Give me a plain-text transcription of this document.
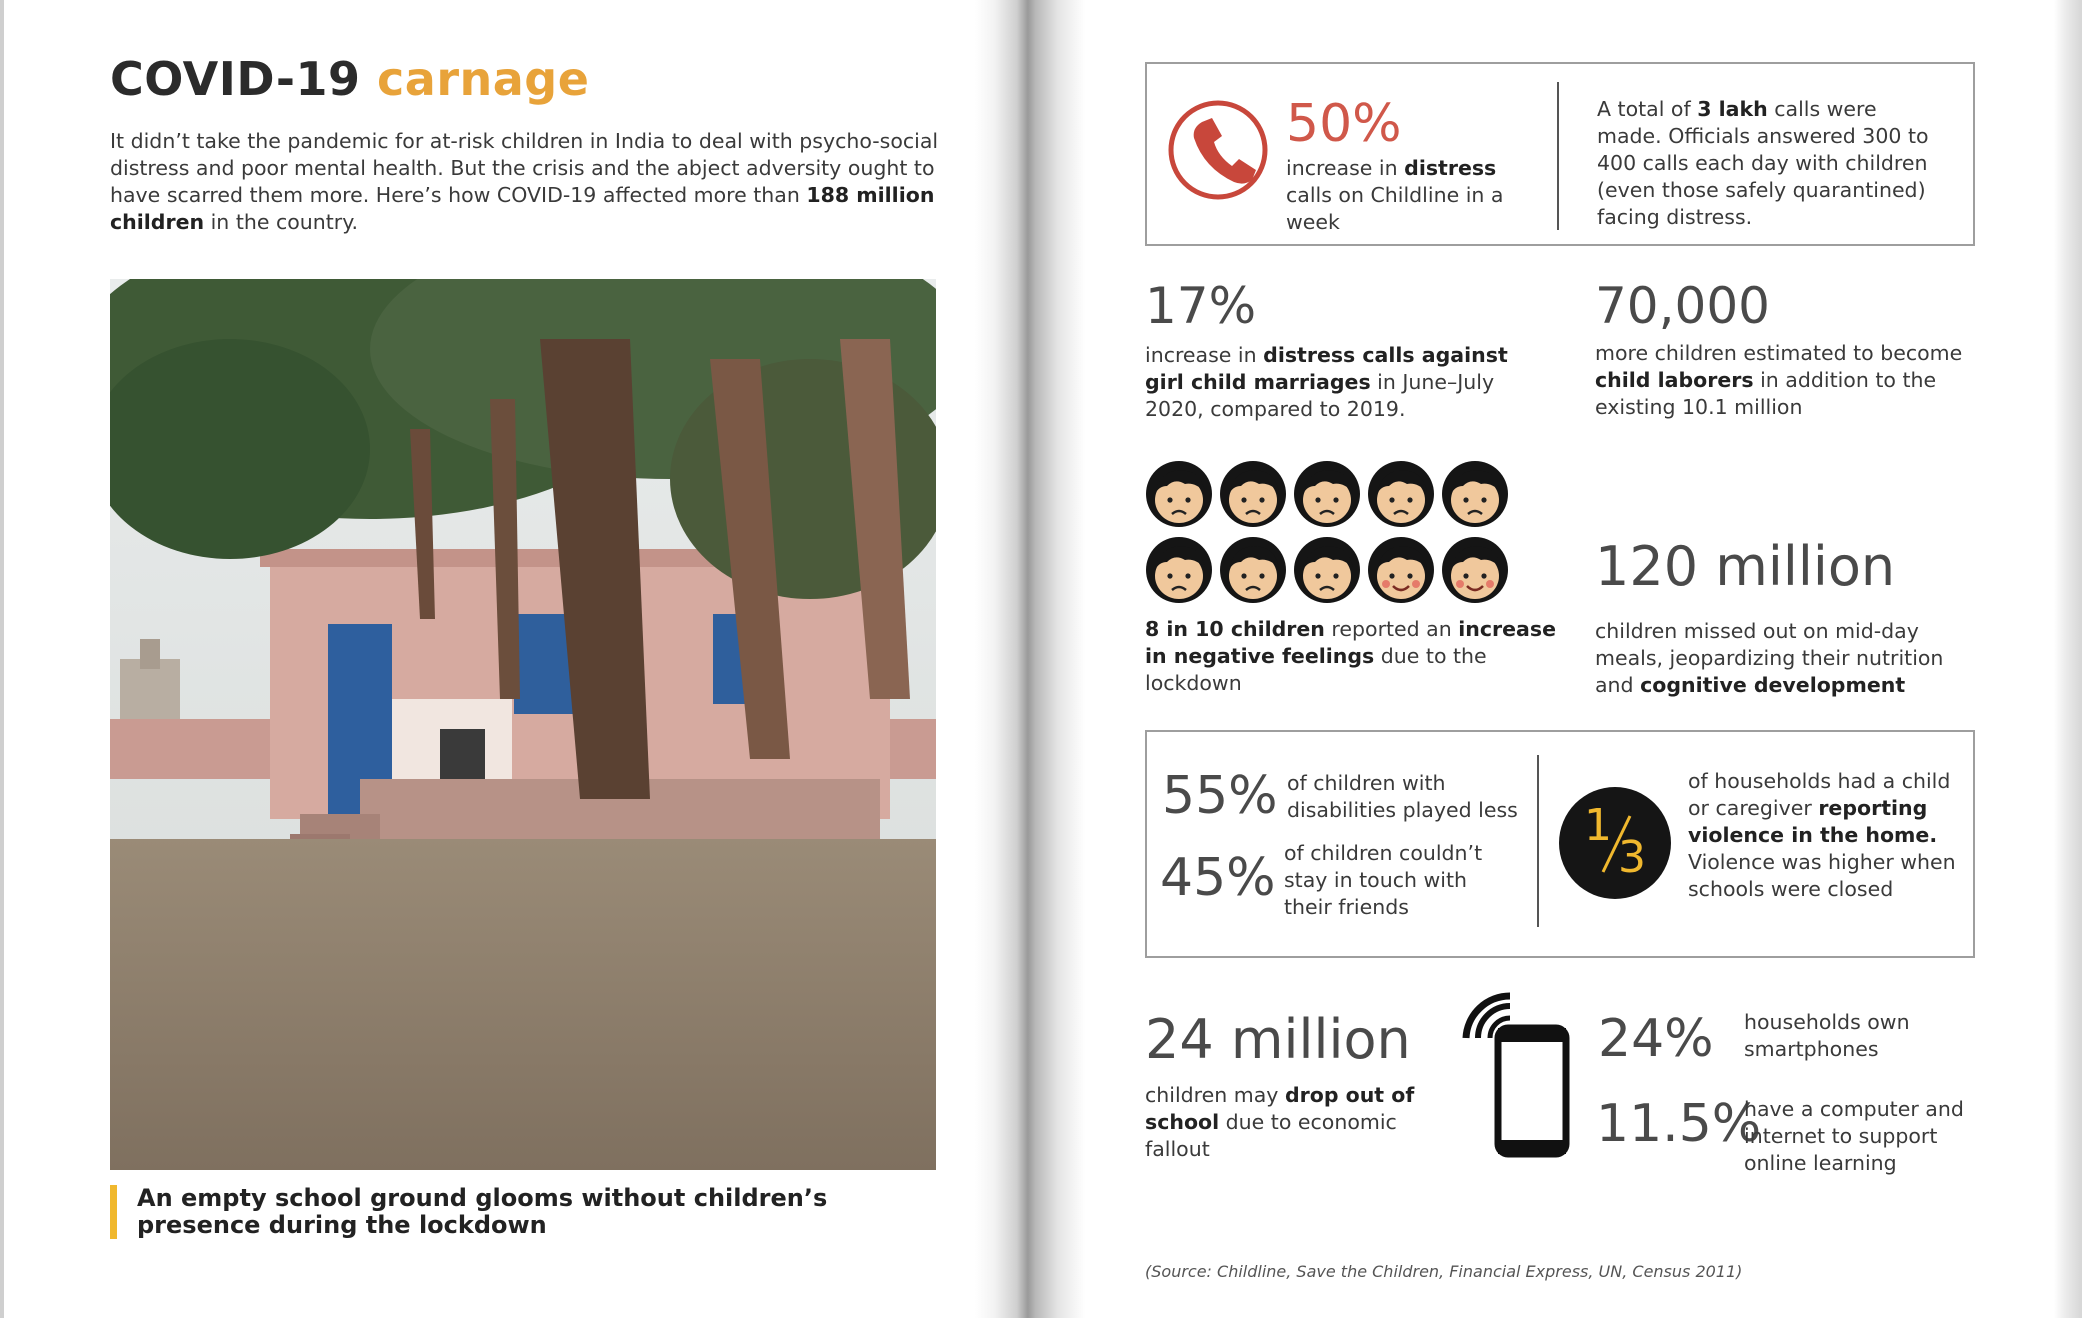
COVID-19 carnage
It didn’t take the pandemic for at-risk children in India to deal with psycho-social distress and poor mental health. But the crisis and the abject adversity ought to have scarred them more. Here’s how COVID-19 affected more than 188 million children in the country.
An empty school ground glooms without children’s presence during the lockdown
50%
increase in distress calls on Childline in a week
A total of 3 lakh calls were made. Officials answered 300 to 400 calls each day with children (even those safely quarantined) facing distress.
17%
increase in distress calls against girl child marriages in June–July 2020, compared to 2019.
70,000
more children estimated to become child laborers in addition to the existing 10.1 million
8 in 10 children reported an increase in negative feelings due to the lockdown
120 million
children missed out on mid-day meals, jeopardizing their nutrition and cognitive development
55% of children with disabilities played less
45% of children couldn’t stay in touch with their friends
1
3
of households had a child or caregiver reporting violence in the home. Violence was higher when schools were closed
24 million
children may drop out of school due to economic fallout
24% households own smartphones
11.5%
have a computer and internet to support online learning
(Source: Childline, Save the Children, Financial Express, UN, Census 2011)
